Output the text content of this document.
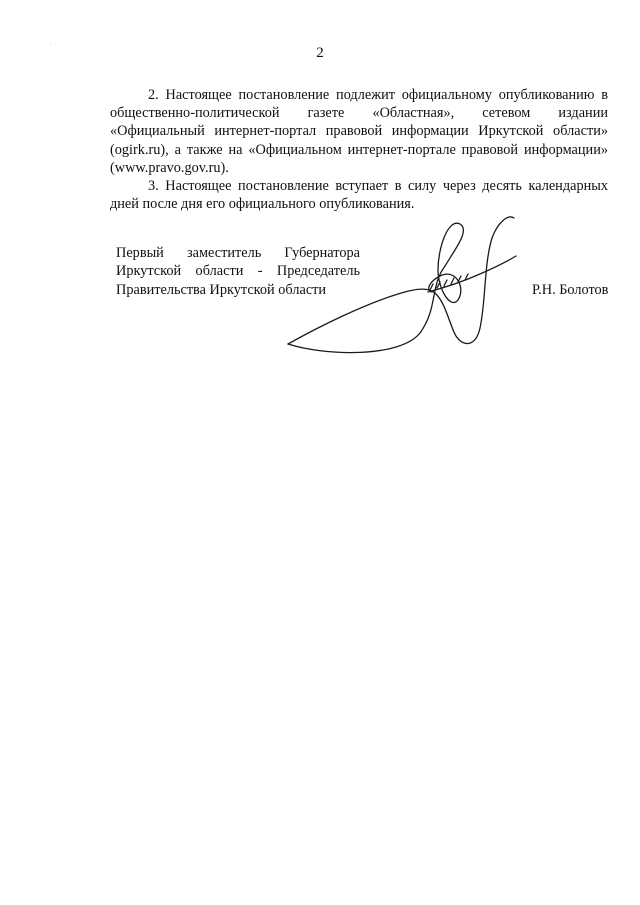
2

2. Настоящее постановление подлежит официальному опубликованию в общественно-политической газете «Областная», сетевом издании «Официальный интернет-портал правовой информации Иркутской области» (ogirk.ru), а также на «Официальном интернет-портале правовой информации» (www.pravo.gov.ru).

3. Настоящее постановление вступает в силу через десять календарных дней после дня его официального опубликования.

Первый заместитель Губернатора
Иркутской области - Председатель
Правительства Иркутской области	Р.Н. Болотов
